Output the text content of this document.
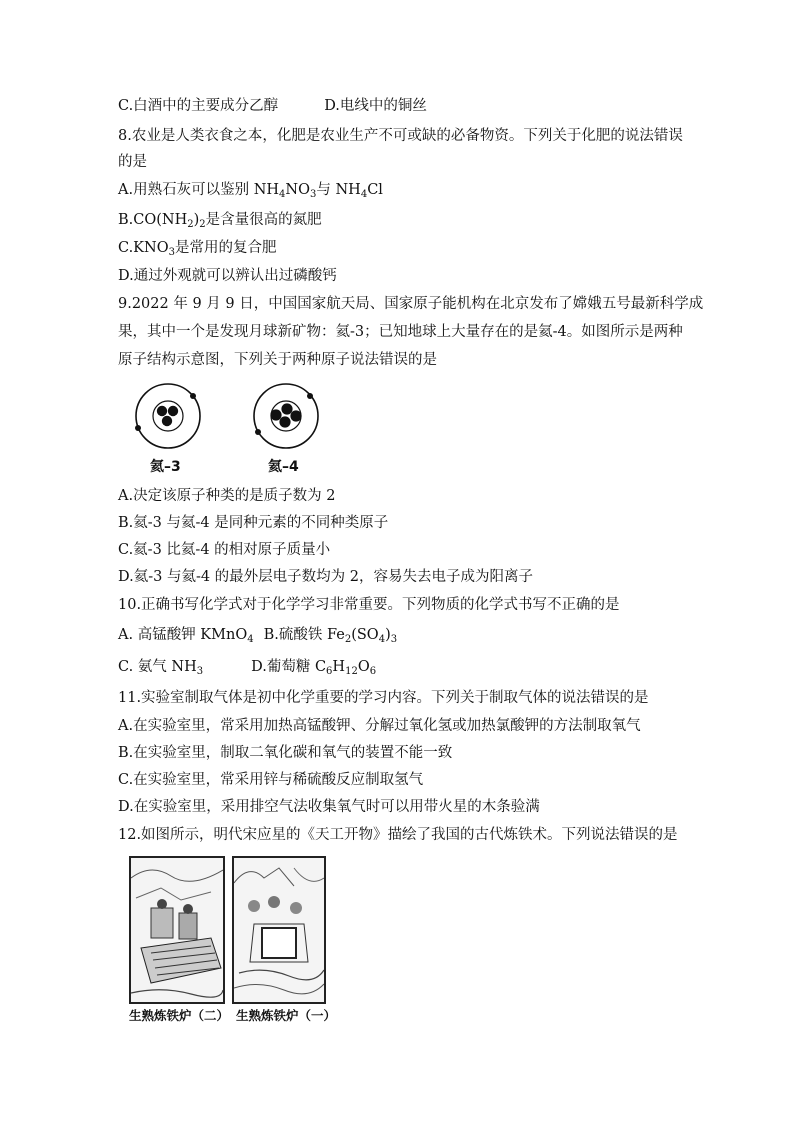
C.白酒中的主要成分乙醇	D.电线中的铜丝
8.农业是人类衣食之本，化肥是农业生产不可或缺的必备物资。下列关于化肥的说法错误
的是
A.用熟石灰可以鉴别 $NH_4NO_3$与 $NH_4Cl$
$B.CO(NH_2)_2$是含量很高的氮肥
$C.KNO_3$是常用的复合肥
D.通过外观就可以辨认出过磷酸钙
9.2022 年 9 月 9 日，中国国家航天局、国家原子能机构在北京发布了嫦娥五号最新科学成
果，其中一个是发现月球新矿物：氦-3；已知地球上大量存在的是氦-4。如图所示是两种
原子结构示意图，下列关于两种原子说法错误的是
氦–3	氦–4
A.决定该原子种类的是质子数为 2
B.氦-3 与氦-4 是同种元素的不同种类原子
C.氦-3 比氦-4 的相对原子质量小
D.氦-3 与氦-4 的最外层电子数均为 2，容易失去电子成为阳离子
10.正确书写化学式对于化学学习非常重要。下列物质的化学式书写不正确的是
A. 高锰酸钾 KMnO$_4$ B.硫酸铁 $Fe_2(SO_4)_3$
C. 氨气 $NH_3$	D.葡萄糖 $C_6H_{12}O_6$
11.实验室制取气体是初中化学重要的学习内容。下列关于制取气体的说法错误的是
A.在实验室里，常采用加热高锰酸钾、分解过氧化氢或加热氯酸钾的方法制取氧气
B.在实验室里，制取二氧化碳和氧气的装置不能一致
C.在实验室里，常采用锌与稀硫酸反应制取氢气
D.在实验室里，采用排空气法收集氧气时可以用带火星的木条验满
12.如图所示，明代宋应星的《天工开物》描绘了我国的古代炼铁术。下列说法错误的是
生熟炼铁炉（二） 生熟炼铁炉（一）
